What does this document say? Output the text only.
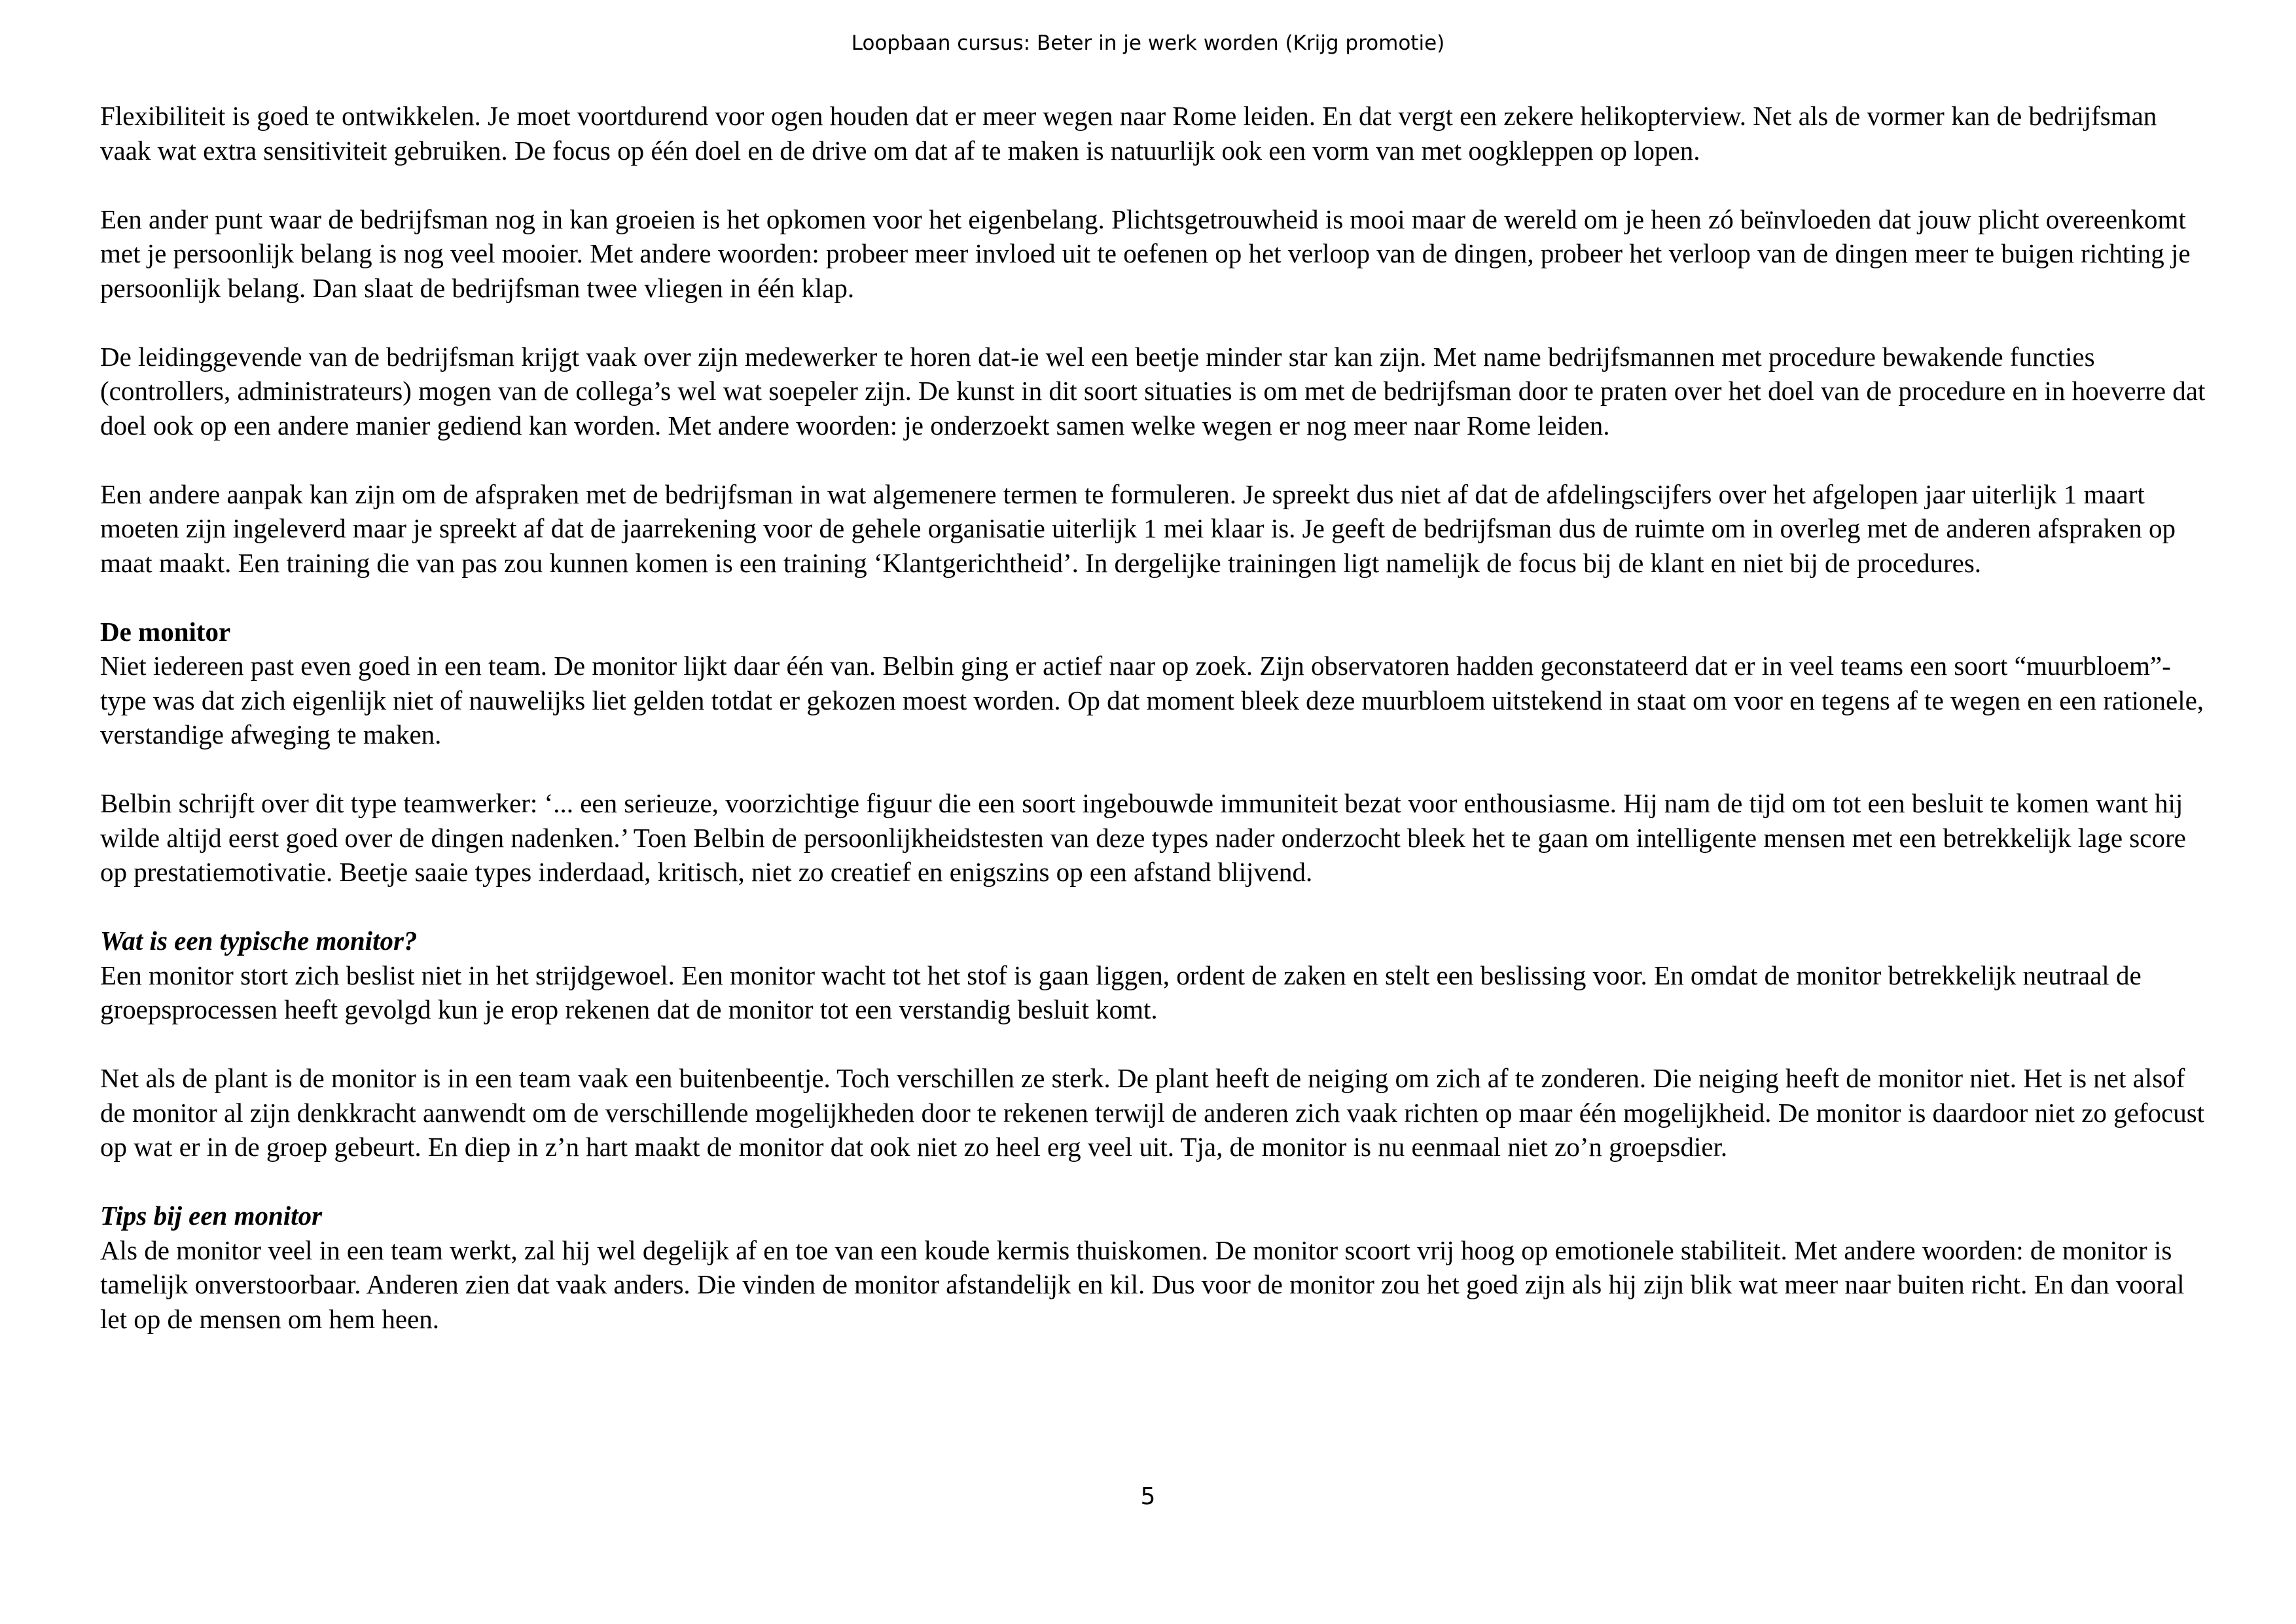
Loopbaan cursus: Beter in je werk worden (Krijg promotie)

Flexibiliteit is goed te ontwikkelen. Je moet voortdurend voor ogen houden dat er meer wegen naar Rome leiden. En dat vergt een zekere helikopterview. Net als de vormer kan de bedrijfsman vaak wat extra sensitiviteit gebruiken. De focus op één doel en de drive om dat af te maken is natuurlijk ook een vorm van met oogkleppen op lopen.

Een ander punt waar de bedrijfsman nog in kan groeien is het opkomen voor het eigenbelang. Plichtsgetrouwheid is mooi maar de wereld om je heen zó beïnvloeden dat jouw plicht overeenkomt met je persoonlijk belang is nog veel mooier. Met andere woorden: probeer meer invloed uit te oefenen op het verloop van de dingen, probeer het verloop van de dingen meer te buigen richting je persoonlijk belang. Dan slaat de bedrijfsman twee vliegen in één klap.

De leidinggevende van de bedrijfsman krijgt vaak over zijn medewerker te horen dat-ie wel een beetje minder star kan zijn. Met name bedrijfsmannen met procedure bewakende functies (controllers, administrateurs) mogen van de collega’s wel wat soepeler zijn. De kunst in dit soort situaties is om met de bedrijfsman door te praten over het doel van de procedure en in hoeverre dat doel ook op een andere manier gediend kan worden. Met andere woorden: je onderzoekt samen welke wegen er nog meer naar Rome leiden.

Een andere aanpak kan zijn om de afspraken met de bedrijfsman in wat algemenere termen te formuleren. Je spreekt dus niet af dat de afdelingscijfers over het afgelopen jaar uiterlijk 1 maart moeten zijn ingeleverd maar je spreekt af dat de jaarrekening voor de gehele organisatie uiterlijk 1 mei klaar is. Je geeft de bedrijfsman dus de ruimte om in overleg met de anderen afspraken op maat maakt. Een training die van pas zou kunnen komen is een training ‘Klantgerichtheid’. In dergelijke trainingen ligt namelijk de focus bij de klant en niet bij de procedures.

De monitor

Niet iedereen past even goed in een team. De monitor lijkt daar één van. Belbin ging er actief naar op zoek. Zijn observatoren hadden geconstateerd dat er in veel teams een soort “muurbloem”-type was dat zich eigenlijk niet of nauwelijks liet gelden totdat er gekozen moest worden. Op dat moment bleek deze muurbloem uitstekend in staat om voor en tegens af te wegen en een rationele, verstandige afweging te maken.

Belbin schrijft over dit type teamwerker: ‘... een serieuze, voorzichtige figuur die een soort ingebouwde immuniteit bezat voor enthousiasme. Hij nam de tijd om tot een besluit te komen want hij wilde altijd eerst goed over de dingen nadenken.’ Toen Belbin de persoonlijkheidstesten van deze types nader onderzocht bleek het te gaan om intelligente mensen met een betrekkelijk lage score op prestatiemotivatie. Beetje saaie types inderdaad, kritisch, niet zo creatief en enigszins op een afstand blijvend.

Wat is een typische monitor?

Een monitor stort zich beslist niet in het strijdgewoel. Een monitor wacht tot het stof is gaan liggen, ordent de zaken en stelt een beslissing voor. En omdat de monitor betrekkelijk neutraal de groepsprocessen heeft gevolgd kun je erop rekenen dat de monitor tot een verstandig besluit komt.

Net als de plant is de monitor is in een team vaak een buitenbeentje. Toch verschillen ze sterk. De plant heeft de neiging om zich af te zonderen. Die neiging heeft de monitor niet. Het is net alsof de monitor al zijn denkkracht aanwendt om de verschillende mogelijkheden door te rekenen terwijl de anderen zich vaak richten op maar één mogelijkheid. De monitor is daardoor niet zo gefocust op wat er in de groep gebeurt. En diep in z’n hart maakt de monitor dat ook niet zo heel erg veel uit. Tja, de monitor is nu eenmaal niet zo’n groepsdier.

Tips bij een monitor

Als de monitor veel in een team werkt, zal hij wel degelijk af en toe van een koude kermis thuiskomen. De monitor scoort vrij hoog op emotionele stabiliteit. Met andere woorden: de monitor is tamelijk onverstoorbaar. Anderen zien dat vaak anders. Die vinden de monitor afstandelijk en kil. Dus voor de monitor zou het goed zijn als hij zijn blik wat meer naar buiten richt. En dan vooral let op de mensen om hem heen.

5
